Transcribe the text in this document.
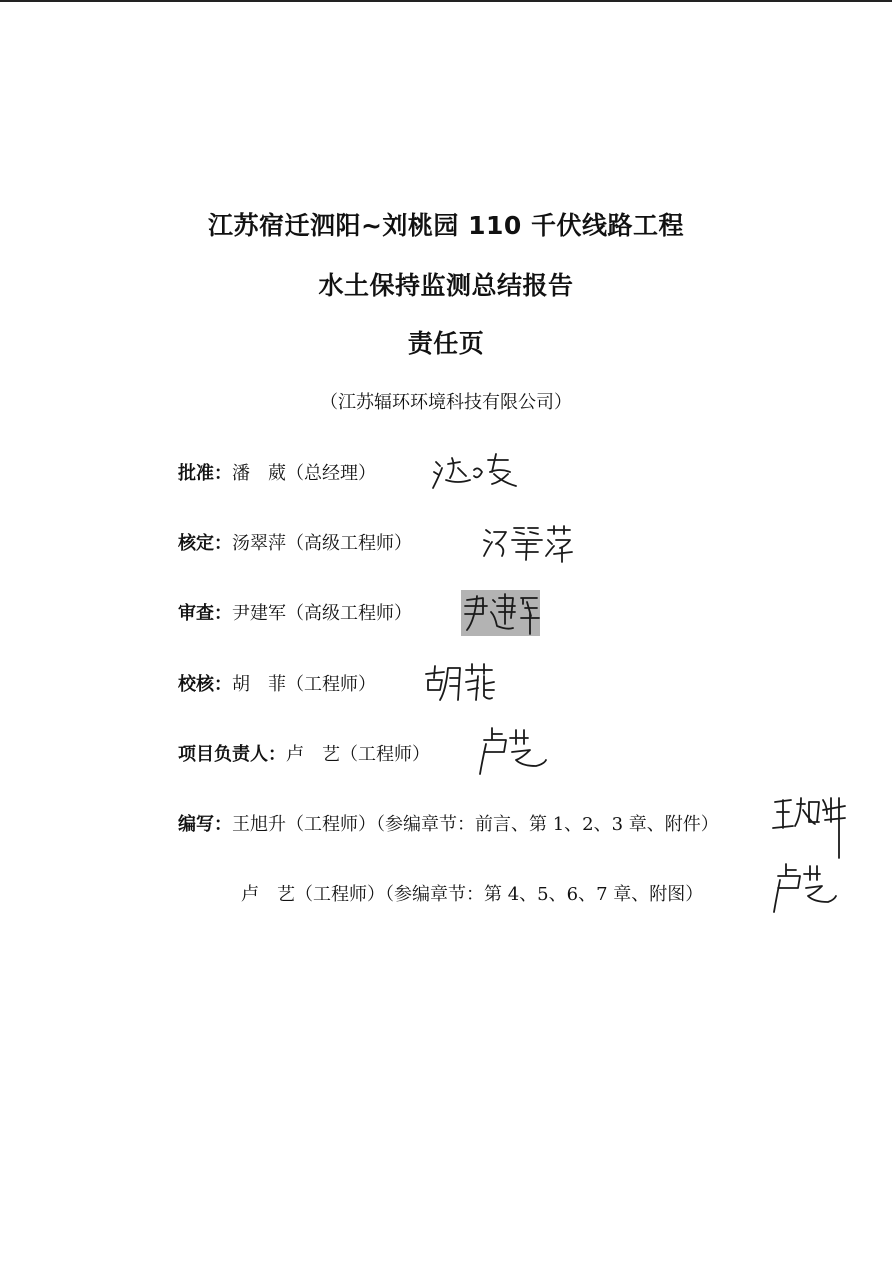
江苏宿迁泗阳~刘桃园 110 千伏线路工程
水土保持监测总结报告
责任页
（江苏辐环环境科技有限公司）
批准：潘　葳（总经理）
核定：汤翠萍（高级工程师）
审查：尹建军（高级工程师）
校核：胡　菲（工程师）
项目负责人：卢　艺（工程师）
编写：王旭升（工程师）（参编章节：前言、第 1、2、3 章、附件）
卢　艺（工程师）（参编章节：第 4、5、6、7 章、附图）
